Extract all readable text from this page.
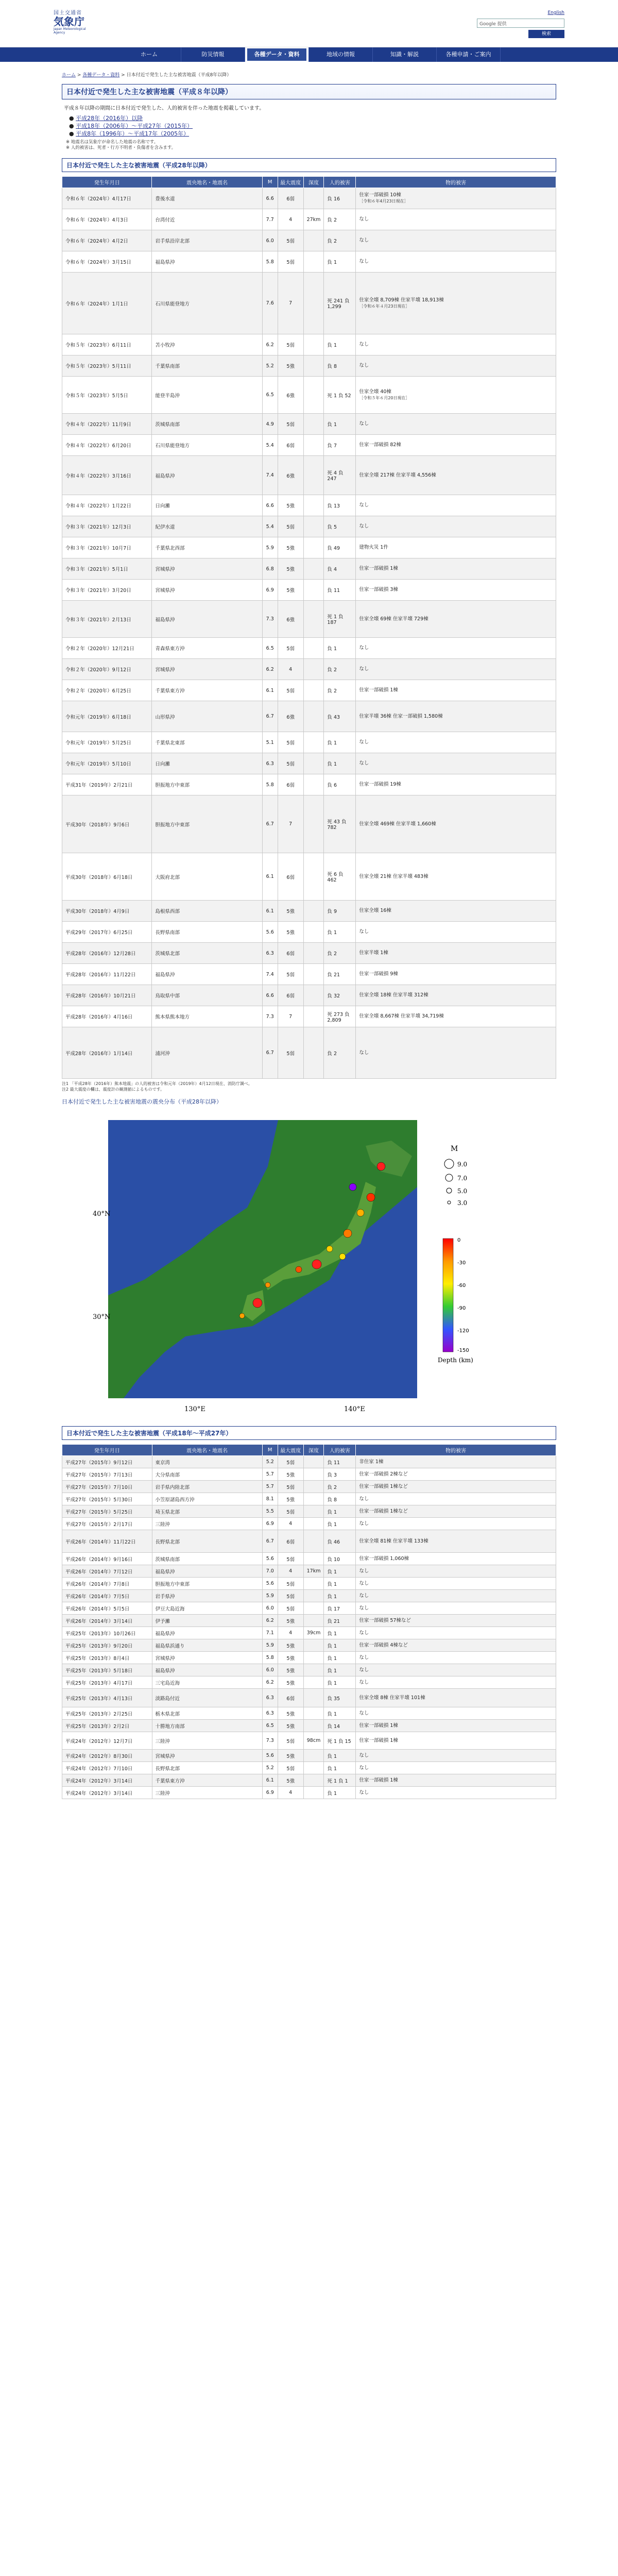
国土交通省
気象庁
Japan Meteorological Agency
English
Google 提供
検索
ホーム	防災情報	各種データ・資料	地域の情報	知識・解説	各種申請・ご案内
ホーム > 各種データ・資料 > 日本付近で発生した主な被害地震（平成8年以降）
日本付近で発生した主な被害地震（平成８年以降）
平成８年以降の期間に日本付近で発生した、人的被害を伴った地震を掲載しています。
● 平成28年（2016年）以降
● 平成18年（2006年）～平成27年（2015年）
● 平成8年（1996年）～平成17年（2005年）
※ 地震名は気象庁が命名した地震の名称です。
※ 人的被害は、死者・行方不明者・負傷者を含みます。
日本付近で発生した主な被害地震（平成28年以降）
発生年月日	震央地名・地震名	M	最大震度	深度	人的被害	物的被害
令和６年（2024年）4月17日	豊後水道	6.6	6弱		負 16	住家一部破損 10棟
［令和６年4月23日現在］

令和６年（2024年）4月3日	台湾付近	7.7	4	27km	負 2	なし

令和６年（2024年）4月2日	岩手県沿岸北部	6.0	5弱		負 2	なし

令和６年（2024年）3月15日	福島県沖	5.8	5弱		負 1	なし

令和６年（2024年）1月1日	石川県能登地方	7.6	7		死 241 負 1,299	住家全壊 8,709棟 住家半壊 18,913棟
［令和６年４月23日現在］

令和５年（2023年）6月11日	苫小牧沖	6.2	5弱		負 1	なし

令和５年（2023年）5月11日	千葉県南部	5.2	5強		負 8	なし

令和５年（2023年）5月5日	能登半島沖	6.5	6強		死 1 負 52	住家全壊 40棟
［令和５年６月20日現在］

令和４年（2022年）11月9日	茨城県南部	4.9	5弱		負 1	なし

令和４年（2022年）6月20日	石川県能登地方	5.4	6弱		負 7	住家一部破損 82棟

令和４年（2022年）3月16日	福島県沖	7.4	6強		死 4 負 247	住家全壊 217棟 住家半壊 4,556棟

令和４年（2022年）1月22日	日向灘	6.6	5強		負 13	なし

令和３年（2021年）12月3日	紀伊水道	5.4	5弱		負 5	なし

令和３年（2021年）10月7日	千葉県北西部	5.9	5強		負 49	建物火災 1件

令和３年（2021年）5月1日	宮城県沖	6.8	5強		負 4	住家一部破損 1棟

令和３年（2021年）3月20日	宮城県沖	6.9	5強		負 11	住家一部破損 3棟

令和３年（2021年）2月13日	福島県沖	7.3	6強		死 1 負 187	住家全壊 69棟 住家半壊 729棟

令和２年（2020年）12月21日	青森県東方沖	6.5	5弱		負 1	なし

令和２年（2020年）9月12日	宮城県沖	6.2	4		負 2	なし

令和２年（2020年）6月25日	千葉県東方沖	6.1	5弱		負 2	住家一部破損 1棟

令和元年（2019年）6月18日	山形県沖	6.7	6強		負 43	住家半壊 36棟 住家一部破損 1,580棟

令和元年（2019年）5月25日	千葉県北東部	5.1	5弱		負 1	なし

令和元年（2019年）5月10日	日向灘	6.3	5弱		負 1	なし

平成31年（2019年）2月21日	胆振地方中東部	5.8	6弱		負 6	住家一部破損 19棟

平成30年（2018年）9月6日	胆振地方中東部	6.7	7		死 43 負 782	住家全壊 469棟 住家半壊 1,660棟

平成30年（2018年）6月18日	大阪府北部	6.1	6弱		死 6 負 462	住家全壊 21棟 住家半壊 483棟

平成30年（2018年）4月9日	島根県西部	6.1	5強		負 9	住家全壊 16棟

平成29年（2017年）6月25日	長野県南部	5.6	5強		負 1	なし

平成28年（2016年）12月28日	茨城県北部	6.3	6弱		負 2	住家半壊 1棟

平成28年（2016年）11月22日	福島県沖	7.4	5弱		負 21	住家一部破損 9棟

平成28年（2016年）10月21日	鳥取県中部	6.6	6弱		負 32	住家全壊 18棟 住家半壊 312棟

平成28年（2016年）4月16日	熊本県熊本地方	7.3	7		死 273 負 2,809	住家全壊 8,667棟 住家半壊 34,719棟

平成28年（2016年）1月14日	浦河沖	6.7	5弱		負 2	なし
注1 「平成28年（2016年）熊本地震」の人的被害は令和元年（2019年）4月12日現在、消防庁調べ。
注2 最大震度の欄は、震度計の観測値によるものです。
日本付近で発生した主な被害地震の震央分布（平成28年以降）
40°N
30°N
130°E	140°E
M
9.0
7.0
5.0
3.0
0
-30
-60
-90
-120
-150
Depth (km)
日本付近で発生した主な被害地震（平成18年～平成27年）
発生年月日	震央地名・地震名	M	最大震度	深度	人的被害	物的被害
平成27年（2015年）9月12日	東京湾	5.2	5弱		負 11	非住家 1棟

平成27年（2015年）7月13日	大分県南部	5.7	5強		負 3	住家一部破損 2棟など

平成27年（2015年）7月10日	岩手県内陸北部	5.7	5弱		負 2	住家一部破損 1棟など

平成27年（2015年）5月30日	小笠原諸島西方沖	8.1	5強		負 8	なし

平成27年（2015年）5月25日	埼玉県北部	5.5	5弱		負 1	住家一部破損 1棟など

平成27年（2015年）2月17日	三陸沖	6.9	4		負 1	なし

平成26年（2014年）11月22日	長野県北部	6.7	6弱		負 46	住家全壊 81棟 住家半壊 133棟

平成26年（2014年）9月16日	茨城県南部	5.6	5弱		負 10	住家一部破損 1,060棟

平成26年（2014年）7月12日	福島県沖	7.0	4	17km	負 1	なし

平成26年（2014年）7月8日	胆振地方中東部	5.6	5弱		負 1	なし

平成26年（2014年）7月5日	岩手県沖	5.9	5弱		負 1	なし

平成26年（2014年）5月5日	伊豆大島近海	6.0	5弱		負 17	なし

平成26年（2014年）3月14日	伊予灘	6.2	5強		負 21	住家一部破損 57棟など

平成25年（2013年）10月26日	福島県沖	7.1	4	39cm	負 1	なし

平成25年（2013年）9月20日	福島県浜通り	5.9	5強		負 1	住家一部破損 4棟など

平成25年（2013年）8月4日	宮城県沖	5.8	5強		負 1	なし

平成25年（2013年）5月18日	福島県沖	6.0	5強		負 1	なし

平成25年（2013年）4月17日	三宅島近海	6.2	5強		負 1	なし

平成25年（2013年）4月13日	淡路島付近	6.3	6弱		負 35	住家全壊 8棟 住家半壊 101棟

平成25年（2013年）2月25日	栃木県北部	6.3	5強		負 1	なし

平成25年（2013年）2月2日	十勝地方南部	6.5	5強		負 14	住家一部破損 1棟

平成24年（2012年）12月7日	三陸沖	7.3	5弱	98cm	死 1 負 15	住家一部破損 1棟

平成24年（2012年）8月30日	宮城県沖	5.6	5強		負 1	なし

平成24年（2012年）7月10日	長野県北部	5.2	5弱		負 1	なし

平成24年（2012年）3月14日	千葉県東方沖	6.1	5強		死 1 負 1	住家一部破損 1棟

平成24年（2012年）3月14日	三陸沖	6.9	4		負 1	なし
